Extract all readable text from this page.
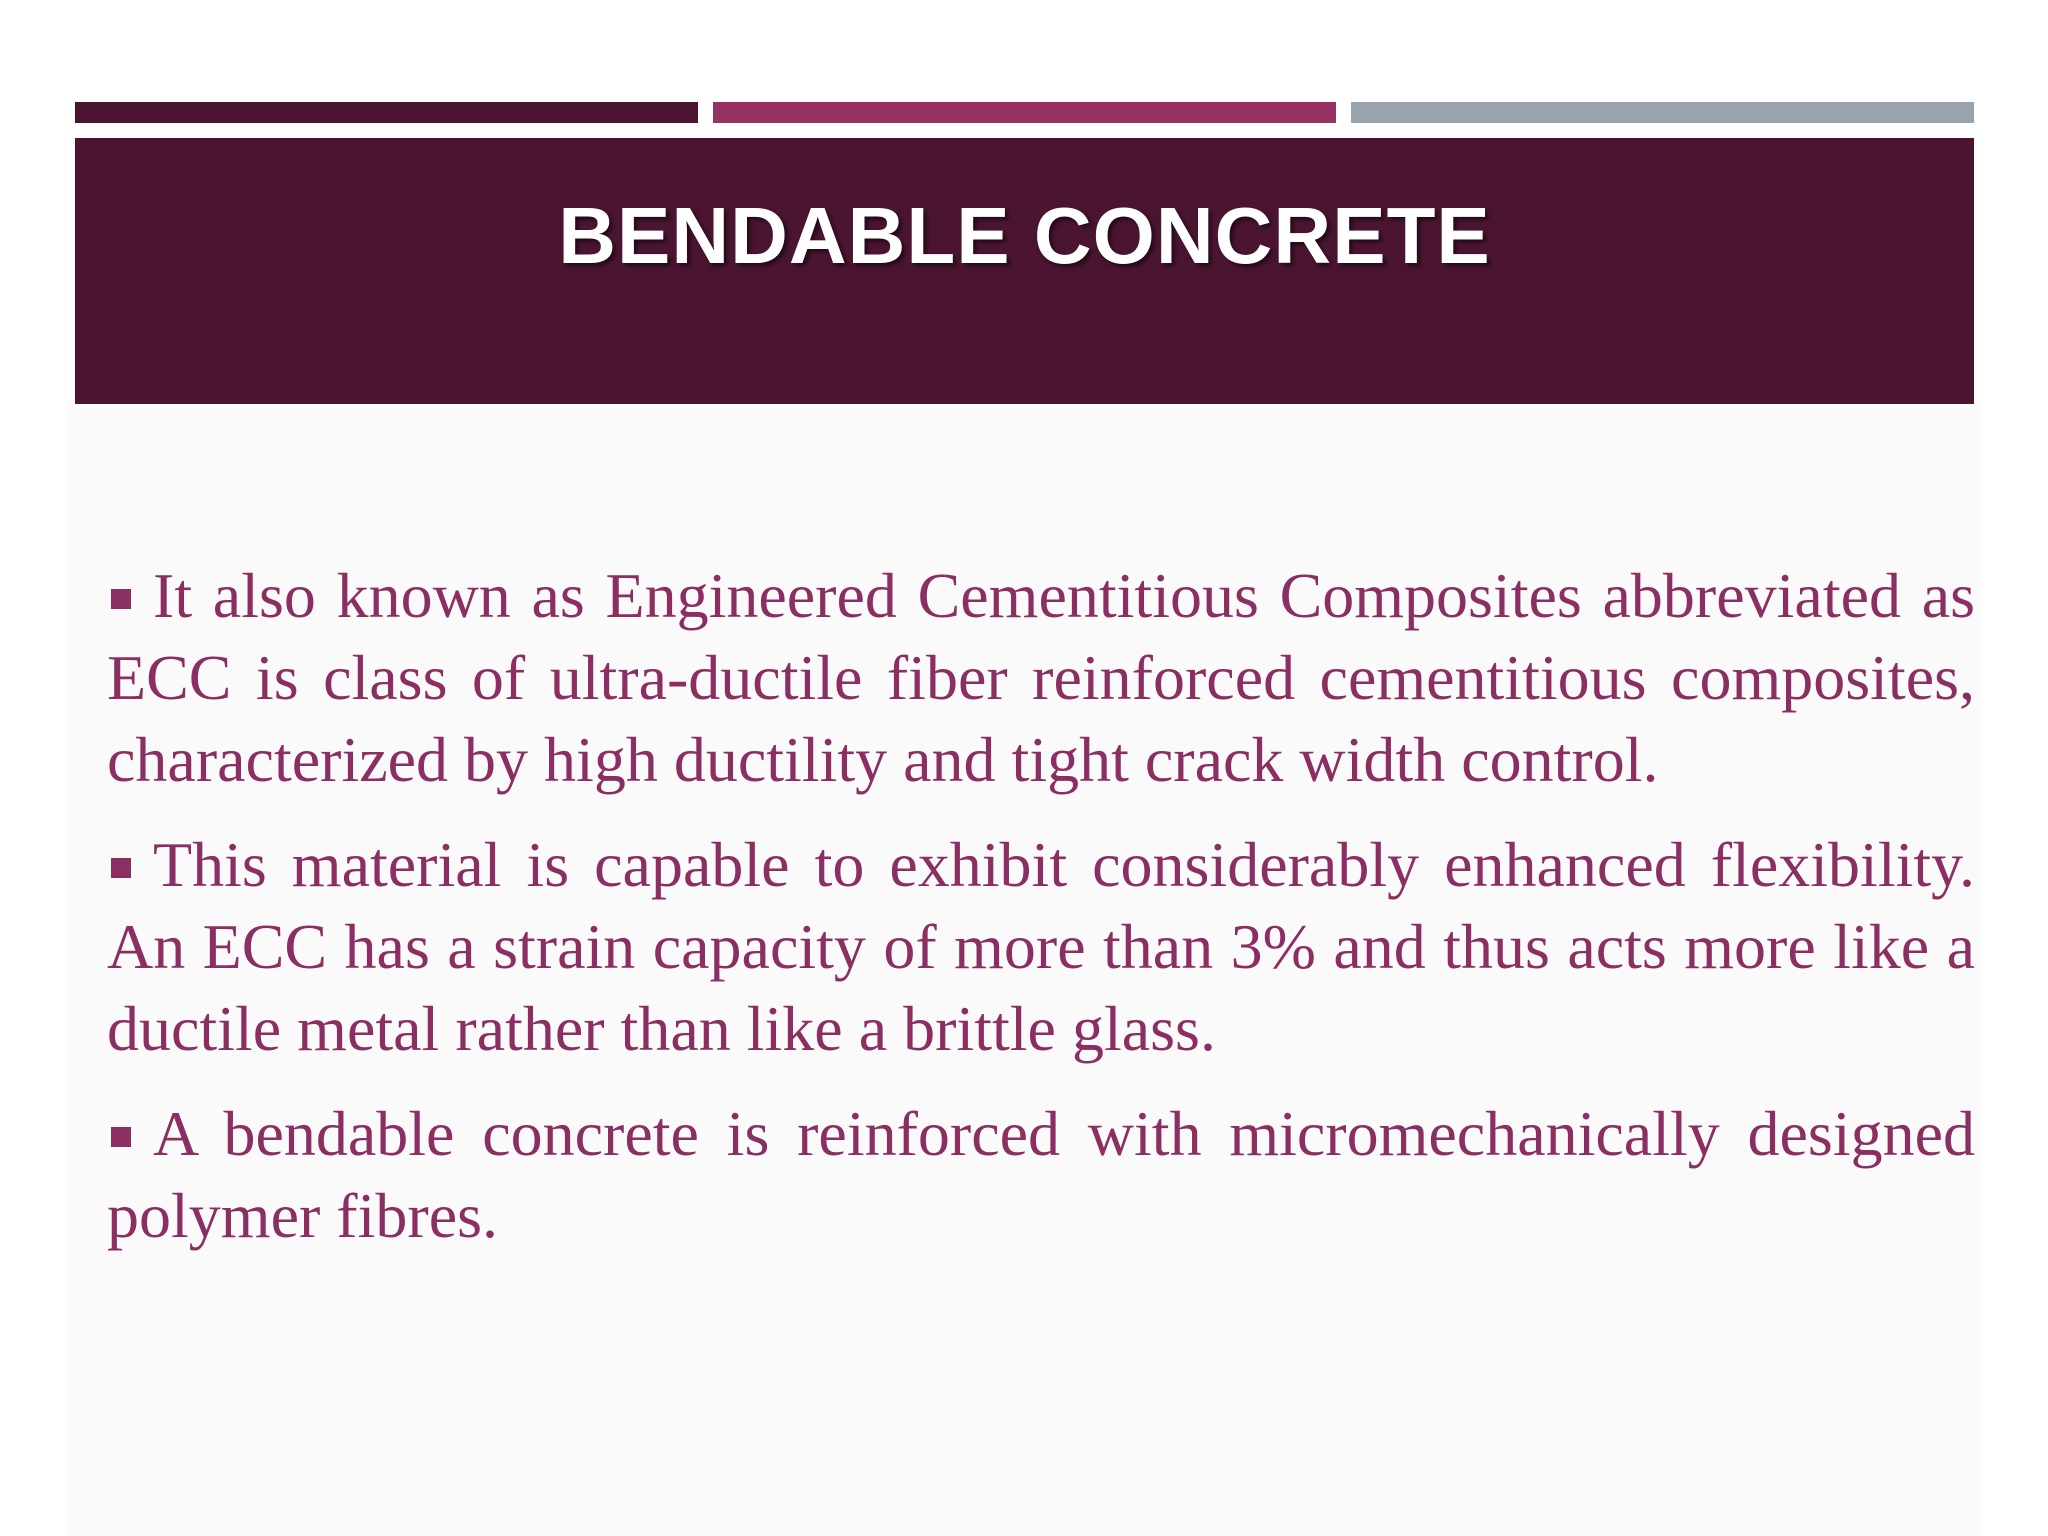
BENDABLE CONCRETE

It also known as Engineered Cementitious Composites abbreviated as ECC is class of ultra-ductile fiber reinforced cementitious composites, characterized by high ductility and tight crack width control.

This material is capable to exhibit considerably enhanced flexibility. An ECC has a strain capacity of more than 3% and thus acts more like a ductile metal rather than like a brittle glass.

A bendable concrete is reinforced with micromechanically designed polymer fibres.
